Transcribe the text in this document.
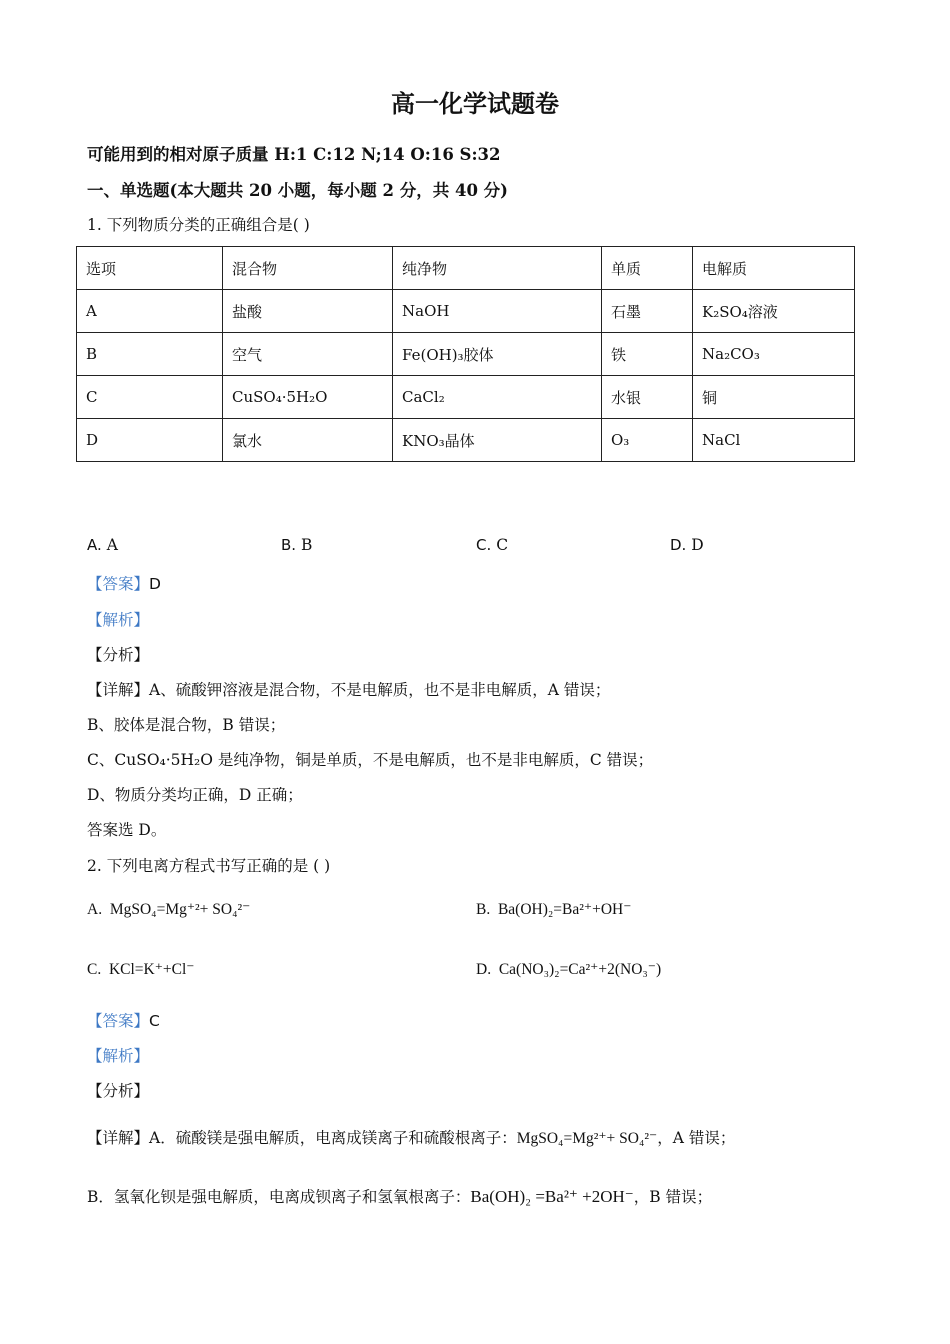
高一化学试题卷
可能用到的相对原子质量 H:1 C:12 N;14 O:16 S:32
一、单选题(本大题共 20 小题，每小题 2 分，共 40 分)
1. 下列物质分类的正确组合是( )
选项	混合物	纯净物	单质	电解质
A	盐酸	NaOH	石墨	K₂SO₄溶液
B	空气	Fe(OH)₃胶体	铁	Na₂CO₃
C	CuSO₄·5H₂O	CaCl₂	水银	铜
D	氯水	KNO₃晶体	O₃	NaCl
A. A	B. B	C. C	D. D
【答案】D
【解析】
【分析】
【详解】A、硫酸钾溶液是混合物，不是电解质，也不是非电解质，A 错误；
B、胶体是混合物，B 错误；
C、CuSO₄·5H₂O 是纯净物，铜是单质，不是电解质，也不是非电解质，C 错误；
D、物质分类均正确，D 正确；
答案选 D。
2. 下列电离方程式书写正确的是 ( )
A. MgSO₄=Mg⁺²+ SO₄²⁻	B. Ba(OH)₂=Ba²⁺+OH⁻
C. KCl=K⁺+Cl⁻	D. Ca(NO₃)₂=Ca²⁺+2(NO₃⁻)
【答案】C
【解析】
【分析】
【详解】A．硫酸镁是强电解质，电离成镁离子和硫酸根离子：MgSO₄=Mg²⁺+ SO₄²⁻，A 错误；
B．氢氧化钡是强电解质，电离成钡离子和氢氧根离子：Ba(OH)₂ =Ba²⁺ +2OH⁻，B 错误；
